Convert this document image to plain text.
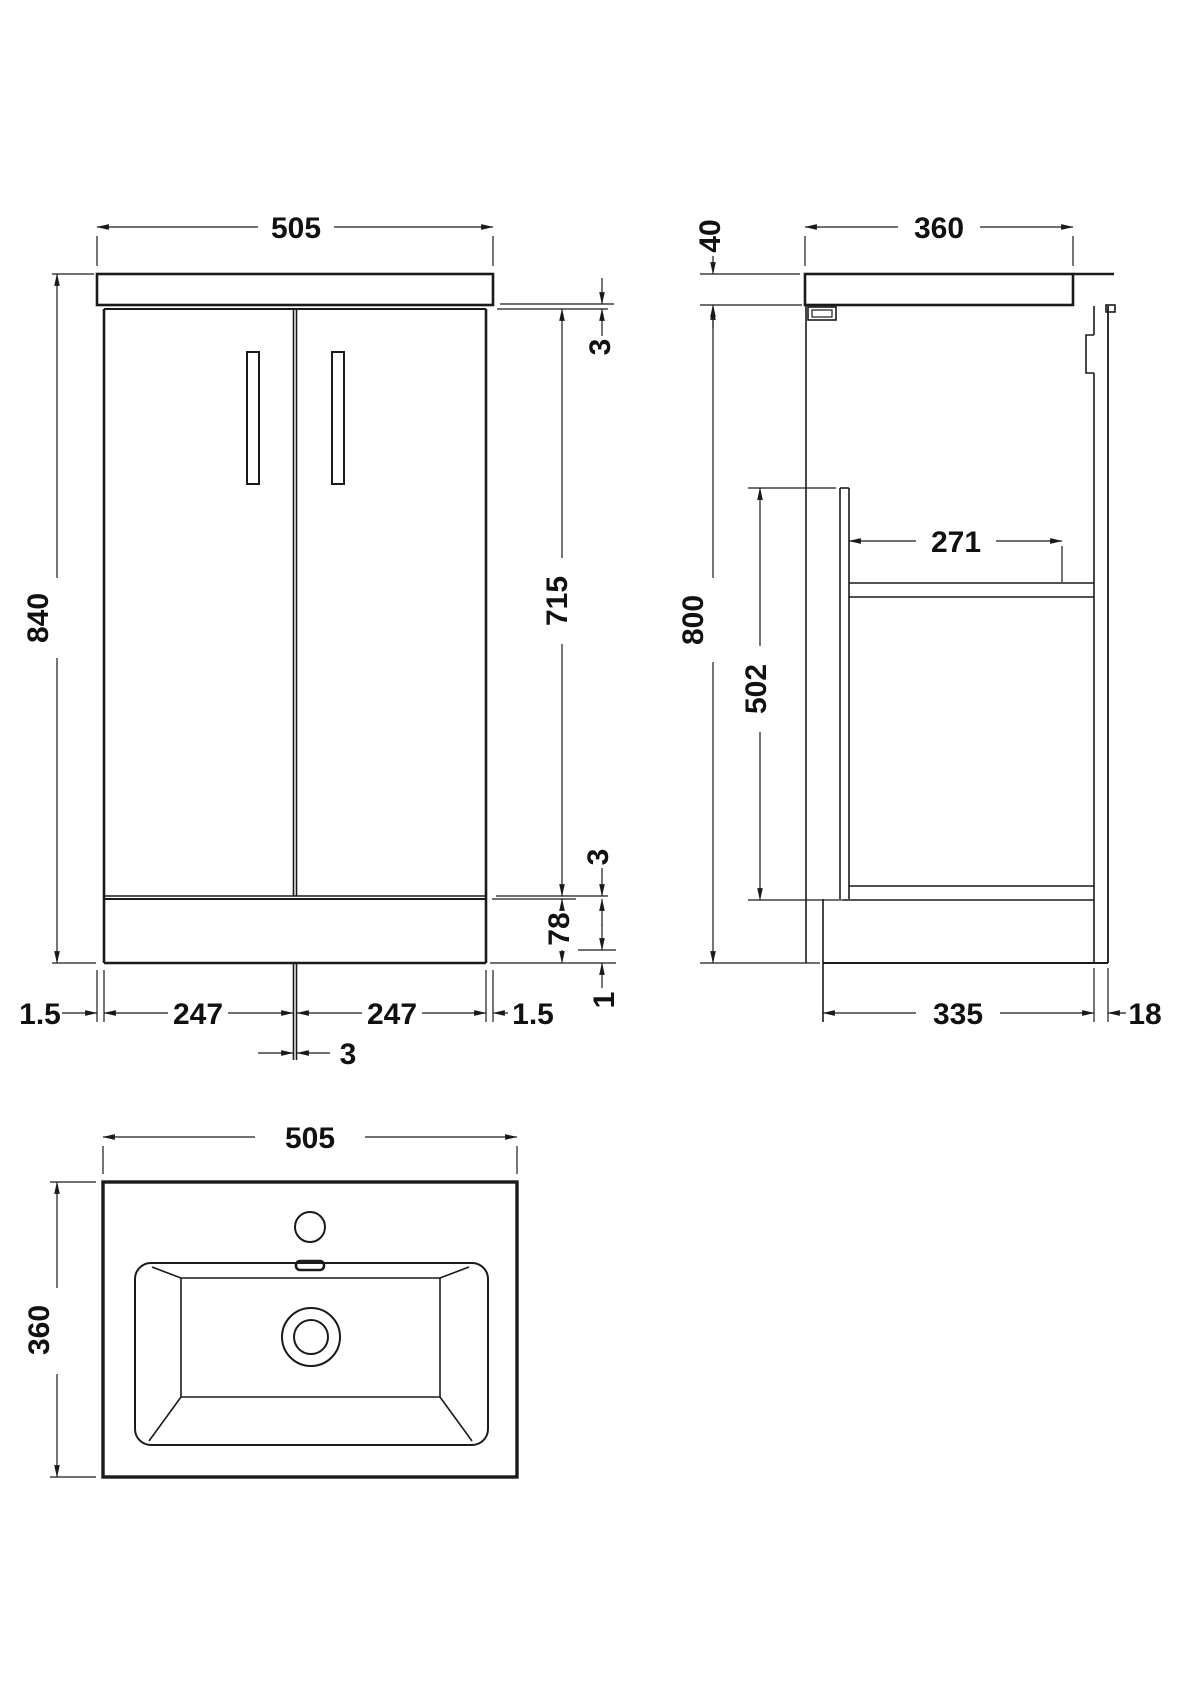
505
840
3
715
3
78
1
1.5	247	247	1.5
3
40	360
800
502
271
335	18
505
360
